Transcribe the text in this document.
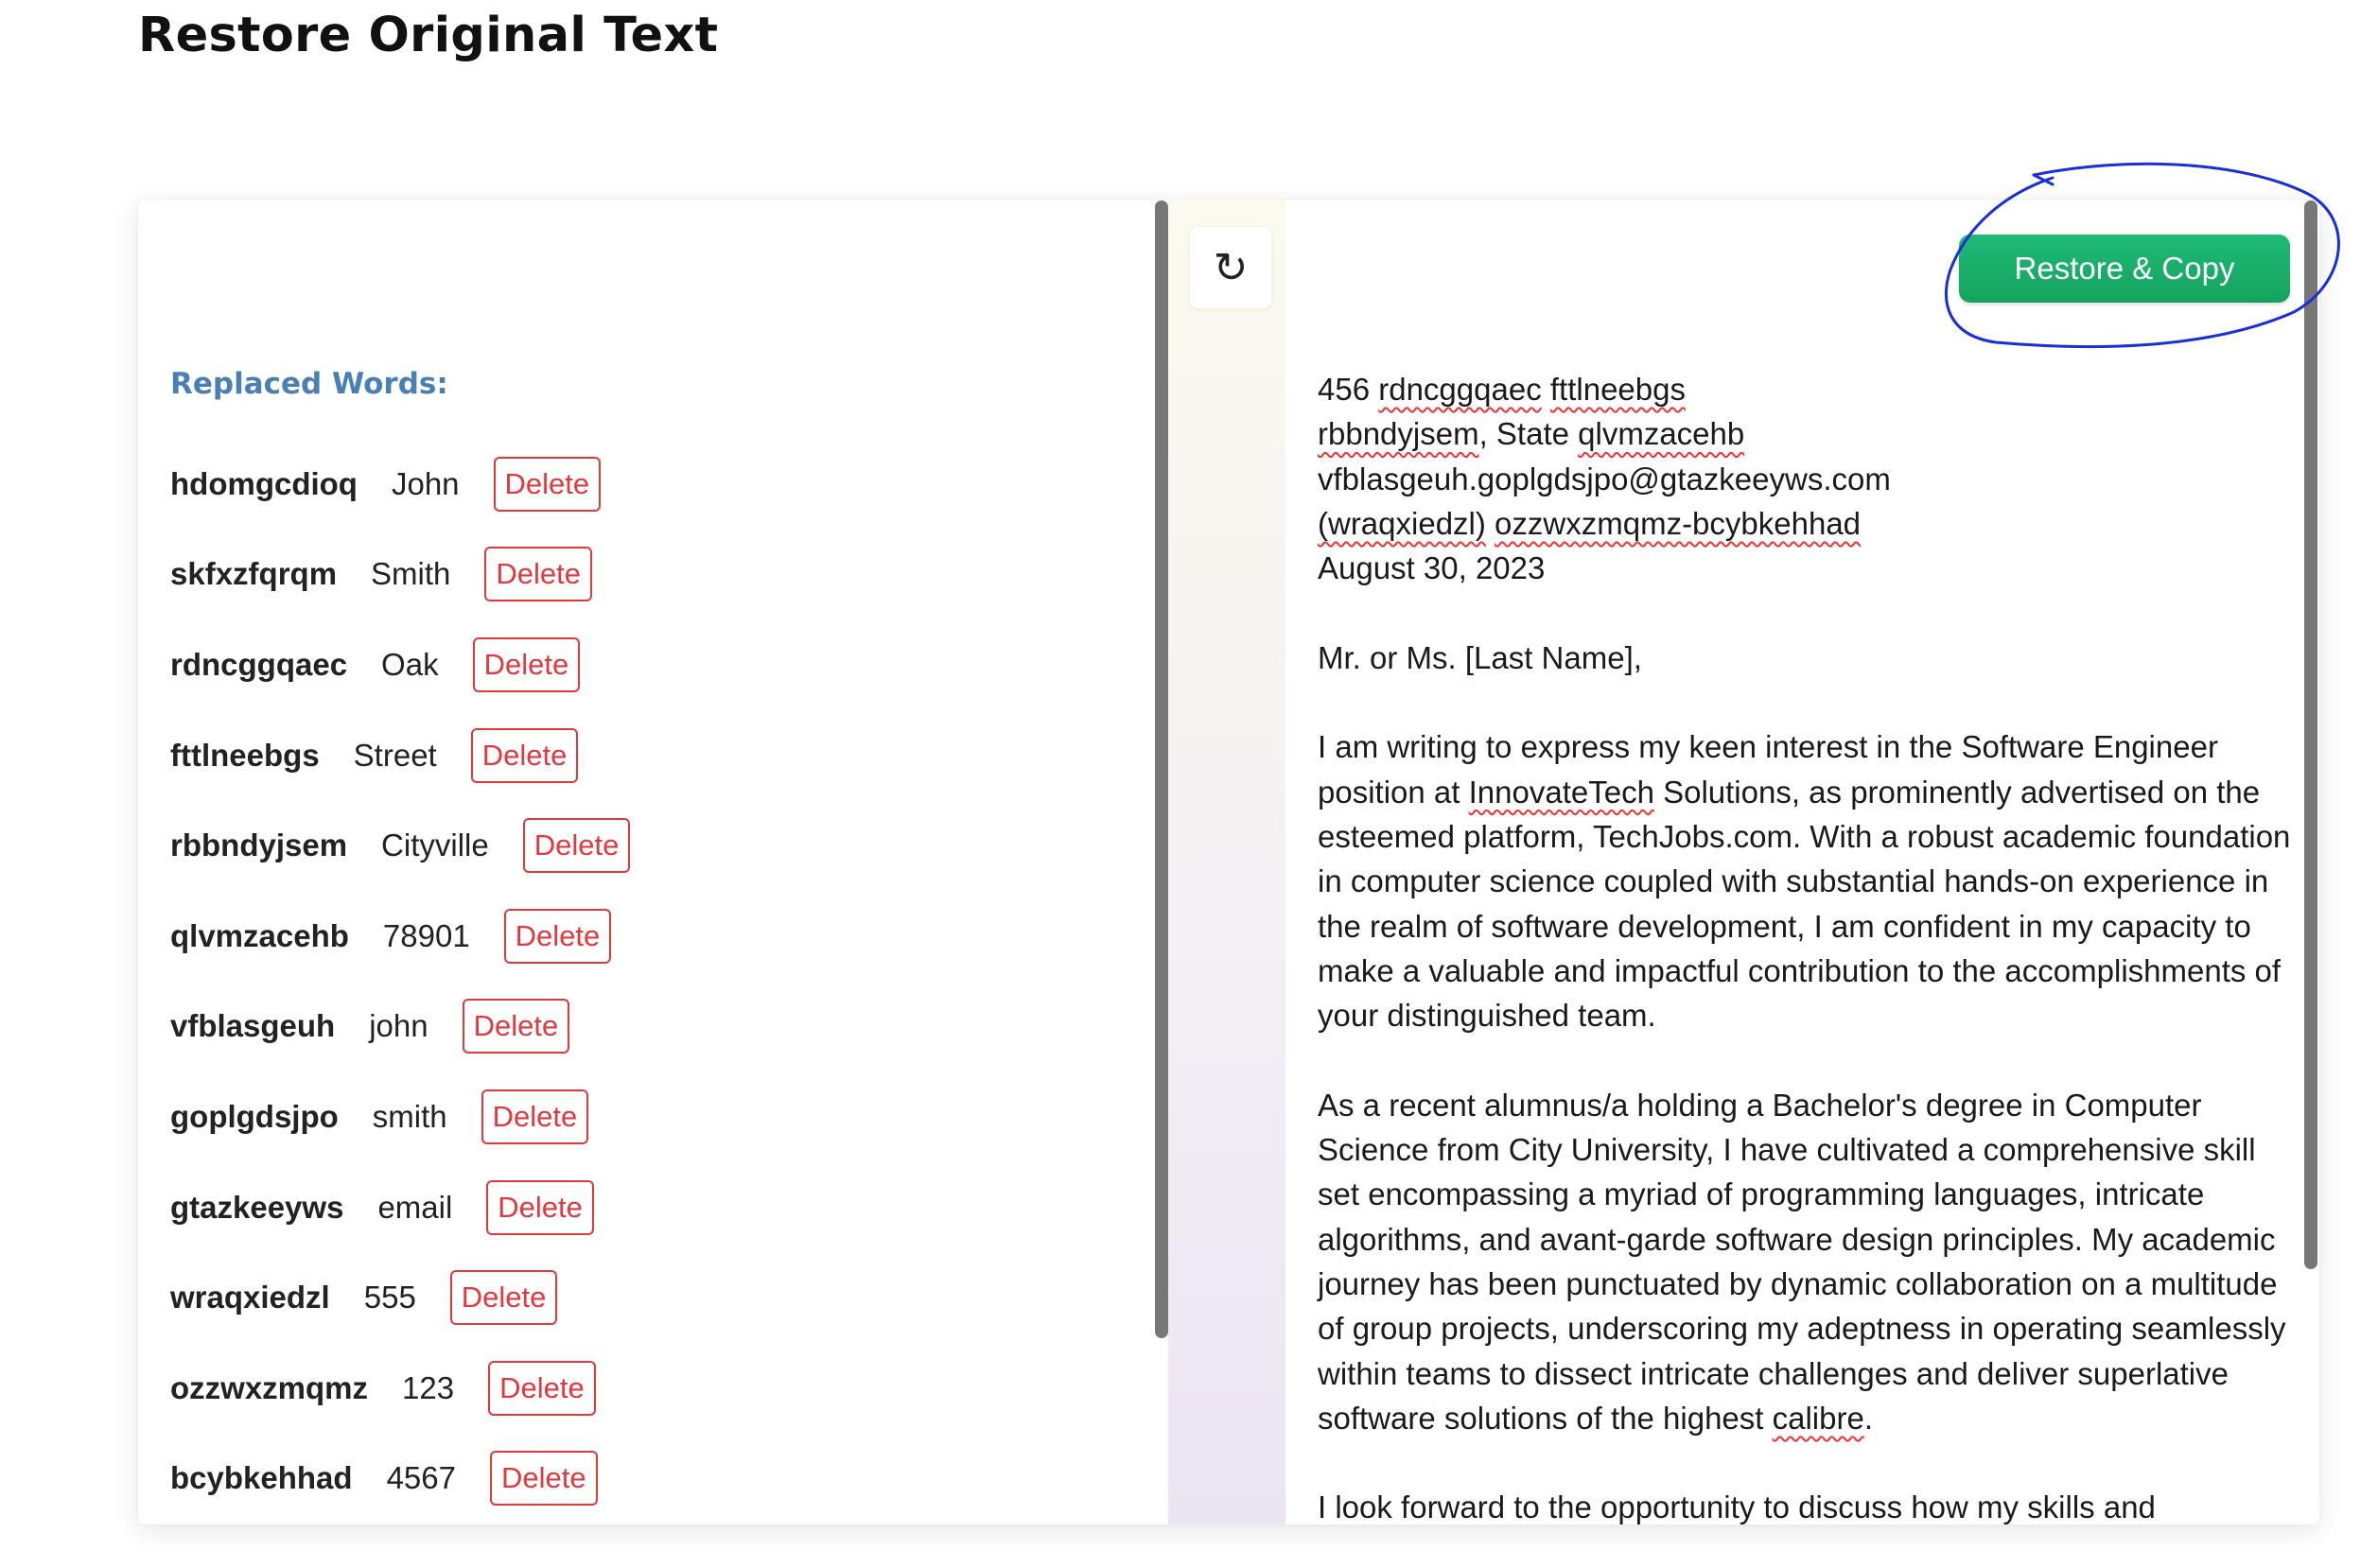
Restore Original Text
Replaced Words:
hdomgcdioq John	Delete
skfxzfqrqm Smith	Delete
rdncggqaec Oak	Delete
fttlneebgs Street	Delete
rbbndyjsem Cityville	Delete
qlvmzacehb 78901	Delete
vfblasgeuh john	Delete
goplgdsjpo smith	Delete
gtazkeeyws email	Delete
wraqxiedzl 555	Delete
ozzwxzmqmz 123	Delete
bcybkehhad 4567	Delete
↻	Restore & Copy

456 rdncggqaec fttlneebgs

rbbndyjsem, State qlvmzacehb

vfblasgeuh.goplgdsjpo@gtazkeeyws.com

(wraqxiedzl) ozzwxzmqmz-bcybkehhad

August 30, 2023

Mr. or Ms. [Last Name],

I am writing to express my keen interest in the Software Engineer position at InnovateTech Solutions, as prominently advertised on the esteemed platform, TechJobs.com. With a robust academic foundation in computer science coupled with substantial hands-on experience in the realm of software development, I am confident in my capacity to make a valuable and impactful contribution to the accomplishments of your distinguished team.

As a recent alumnus/a holding a Bachelor's degree in Computer Science from City University, I have cultivated a comprehensive skill set encompassing a myriad of programming languages, intricate algorithms, and avant-garde software design principles. My academic journey has been punctuated by dynamic collaboration on a multitude of group projects, underscoring my adeptness in operating seamlessly within teams to dissect intricate challenges and deliver superlative software solutions of the highest calibre.

I look forward to the opportunity to discuss how my skills and
